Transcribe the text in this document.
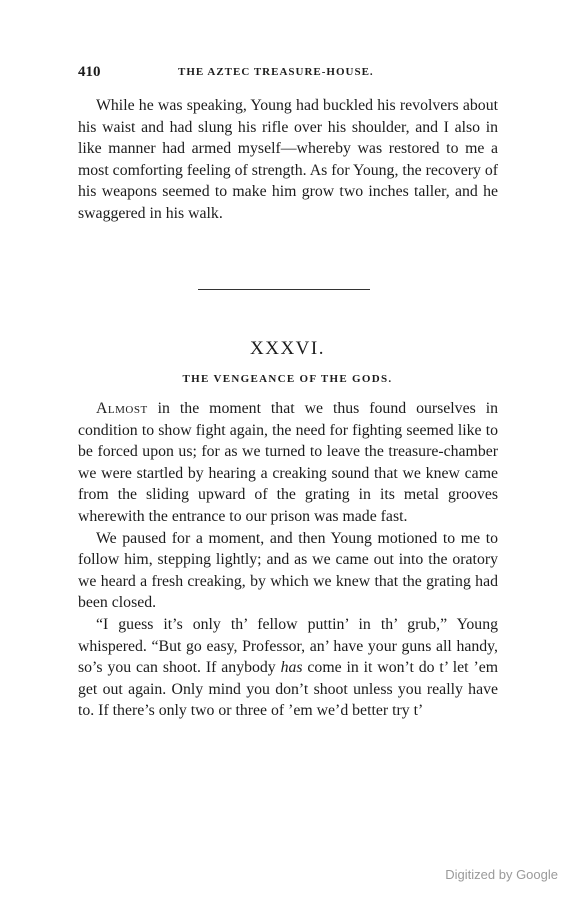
410	THE AZTEC TREASURE-HOUSE.

While he was speaking, Young had buckled his revolvers about his waist and had slung his rifle over his shoulder, and I also in like manner had armed myself—whereby was restored to me a most comforting feeling of strength. As for Young, the recovery of his weapons seemed to make him grow two inches taller, and he swaggered in his walk.

XXXVI.
THE VENGEANCE OF THE GODS.

Almost in the moment that we thus found ourselves in condition to show fight again, the need for fighting seemed like to be forced upon us; for as we turned to leave the treasure-chamber we were startled by hearing a creaking sound that we knew came from the sliding upward of the grating in its metal grooves wherewith the entrance to our prison was made fast.

We paused for a moment, and then Young motioned to me to follow him, stepping lightly; and as we came out into the oratory we heard a fresh creaking, by which we knew that the grating had been closed.

“I guess it’s only th’ fellow puttin’ in th’ grub,” Young whispered. “But go easy, Professor, an’ have your guns all handy, so’s you can shoot. If anybody has come in it won’t do t’ let ’em get out again. Only mind you don’t shoot unless you really have to. If there’s only two or three of ’em we’d better try t’

Digitized by Google
